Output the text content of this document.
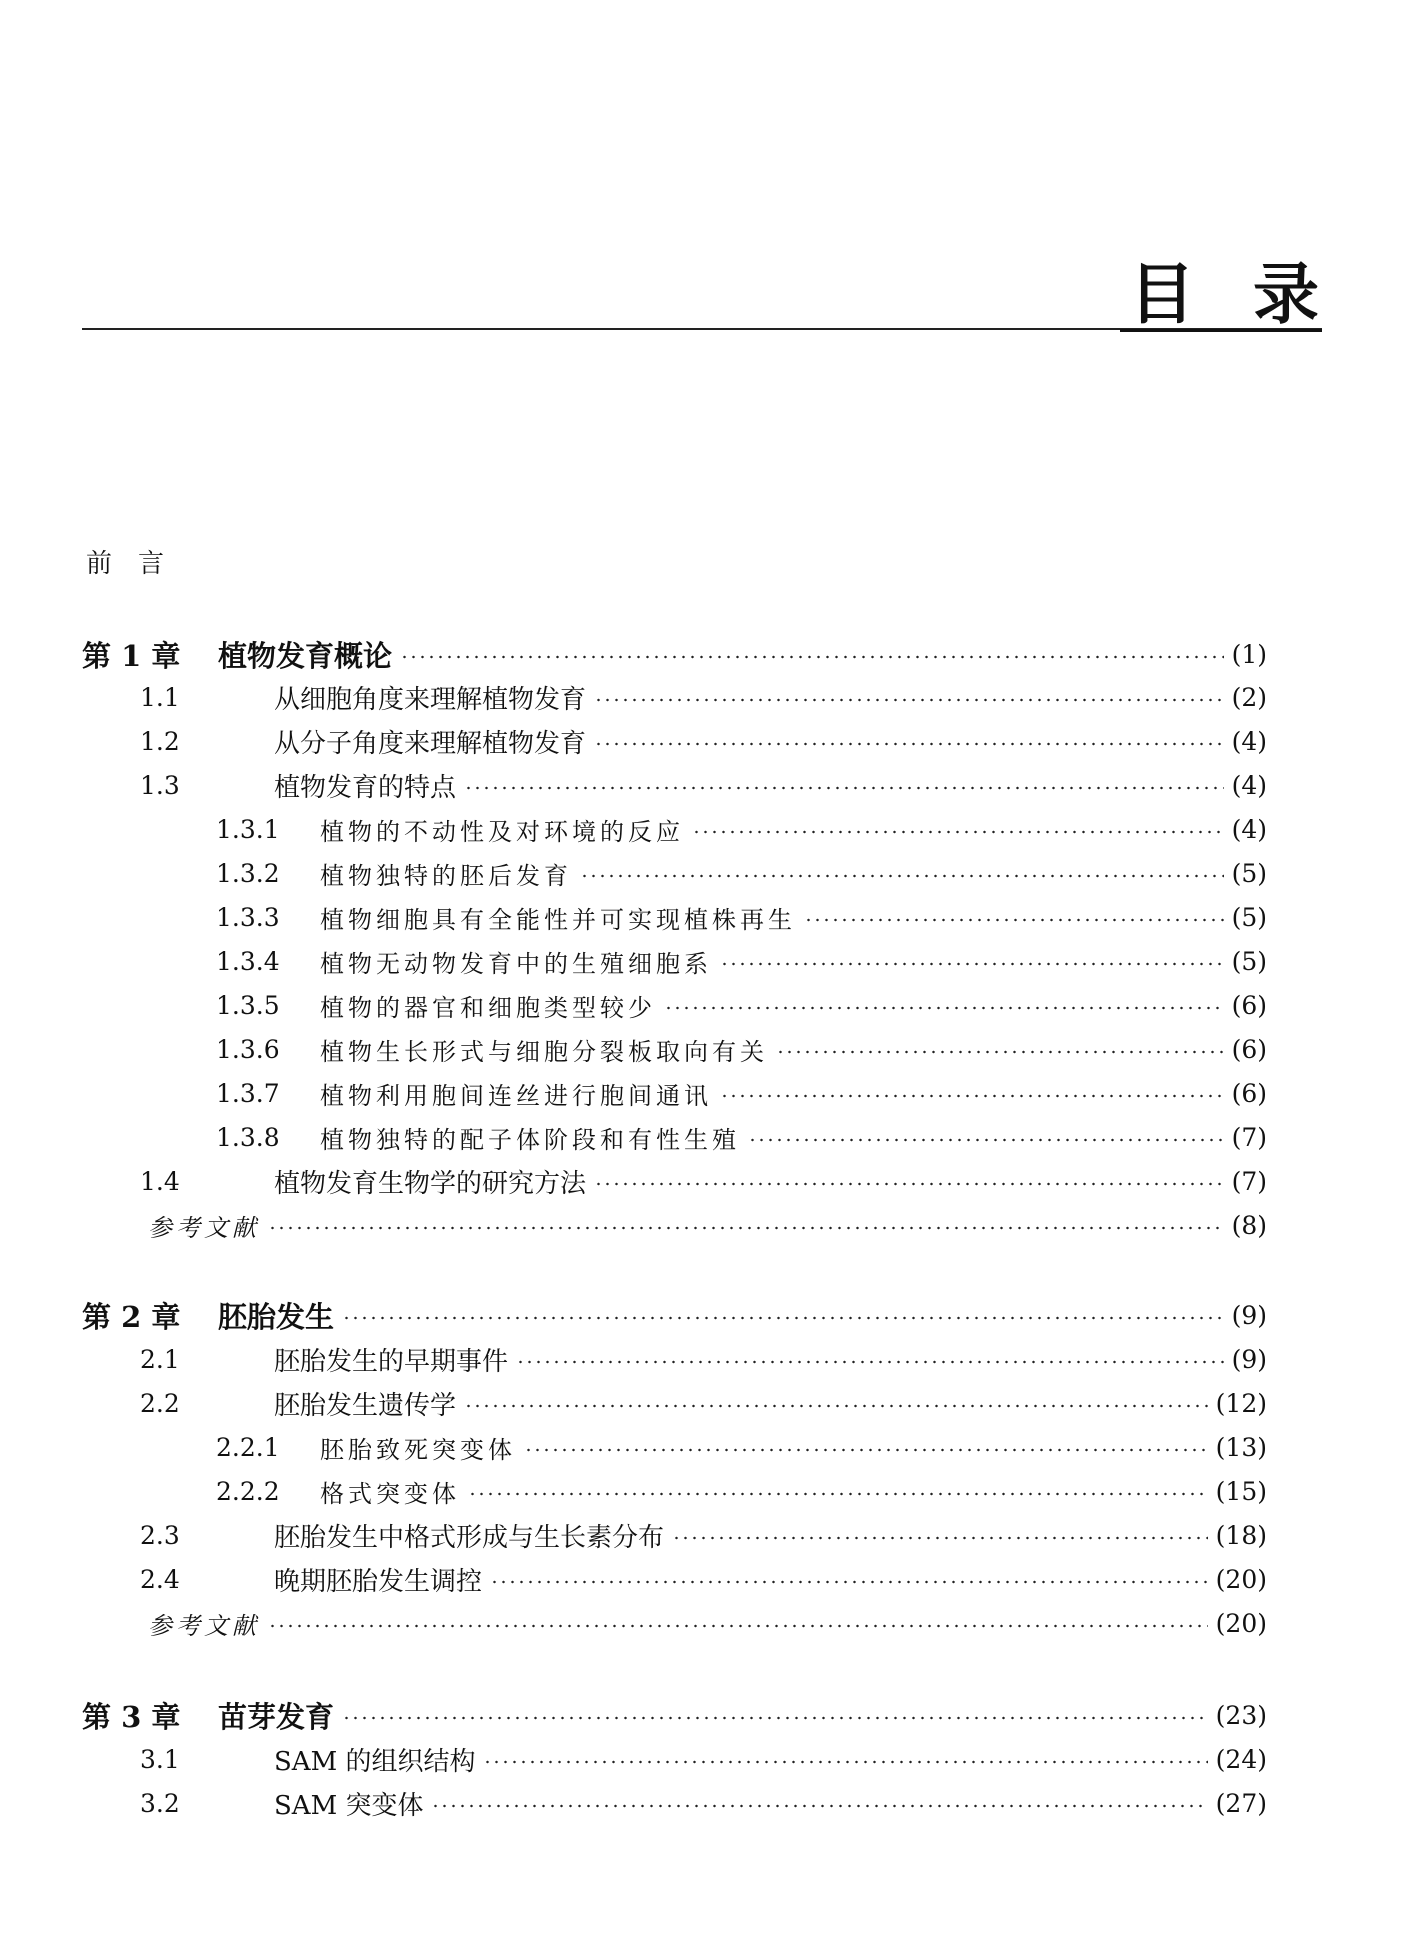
目录
前言
第 1 章	植物发育概论	(1)
1.1	从细胞角度来理解植物发育	(2)
1.2	从分子角度来理解植物发育	(4)
1.3	植物发育的特点	(4)
1.3.1	植物的不动性及对环境的反应	(4)
1.3.2	植物独特的胚后发育	(5)
1.3.3	植物细胞具有全能性并可实现植株再生	(5)
1.3.4	植物无动物发育中的生殖细胞系	(5)
1.3.5	植物的器官和细胞类型较少	(6)
1.3.6	植物生长形式与细胞分裂板取向有关	(6)
1.3.7	植物利用胞间连丝进行胞间通讯	(6)
1.3.8	植物独特的配子体阶段和有性生殖	(7)
1.4	植物发育生物学的研究方法	(7)
参考文献	(8)
第 2 章	胚胎发生	(9)
2.1	胚胎发生的早期事件	(9)
2.2	胚胎发生遗传学	(12)
2.2.1	胚胎致死突变体	(13)
2.2.2	格式突变体	(15)
2.3	胚胎发生中格式形成与生长素分布	(18)
2.4	晚期胚胎发生调控	(20)
参考文献	(20)
第 3 章	苗芽发育	(23)
3.1	SAM 的组织结构	(24)
3.2	SAM 突变体	(27)
